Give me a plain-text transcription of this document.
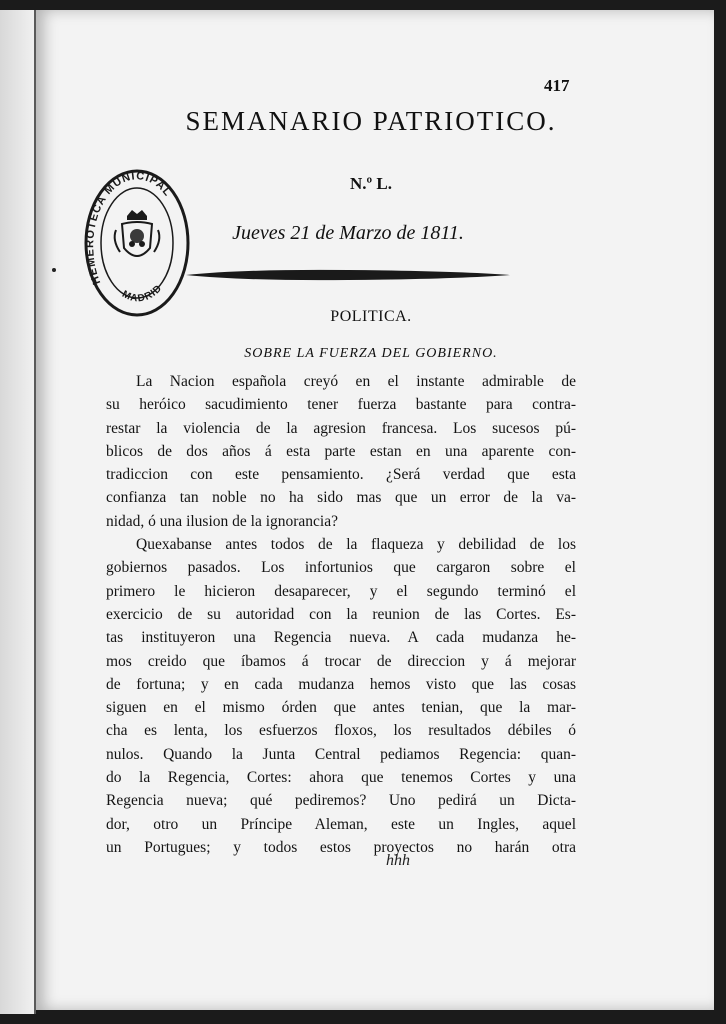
417
SEMANARIO PATRIOTICO.
N.º L.
Jueves 21 de Marzo de 1811.
HEMEROTECA MUNICIPAL
MADRID
POLITICA.
SOBRE LA FUERZA DEL GOBIERNO.

La Nacion española creyó en el instante admirable de
su heróico sacudimiento tener fuerza bastante para contra-
restar la violencia de la agresion francesa. Los sucesos pú-
blicos de dos años á esta parte estan en una aparente con-
tradiccion con este pensamiento. ¿Será verdad que esta
confianza tan noble no ha sido mas que un error de la va-
nidad, ó una ilusion de la ignorancia?

Quexabanse antes todos de la flaqueza y debilidad de los
gobiernos pasados. Los infortunios que cargaron sobre el
primero le hicieron desaparecer, y el segundo terminó el
exercicio de su autoridad con la reunion de las Cortes. Es-
tas instituyeron una Regencia nueva. A cada mudanza he-
mos creido que íbamos á trocar de direccion y á mejorar
de fortuna; y en cada mudanza hemos visto que las cosas
siguen en el mismo órden que antes tenian, que la mar-
cha es lenta, los esfuerzos floxos, los resultados débiles ó
nulos. Quando la Junta Central pediamos Regencia: quan-
do la Regencia, Cortes: ahora que tenemos Cortes y una
Regencia nueva; qué pediremos? Uno pedirá un Dicta-
dor, otro un Príncipe Aleman, este un Ingles, aquel
un Portugues; y todos estos proyectos no harán otra

hhh
